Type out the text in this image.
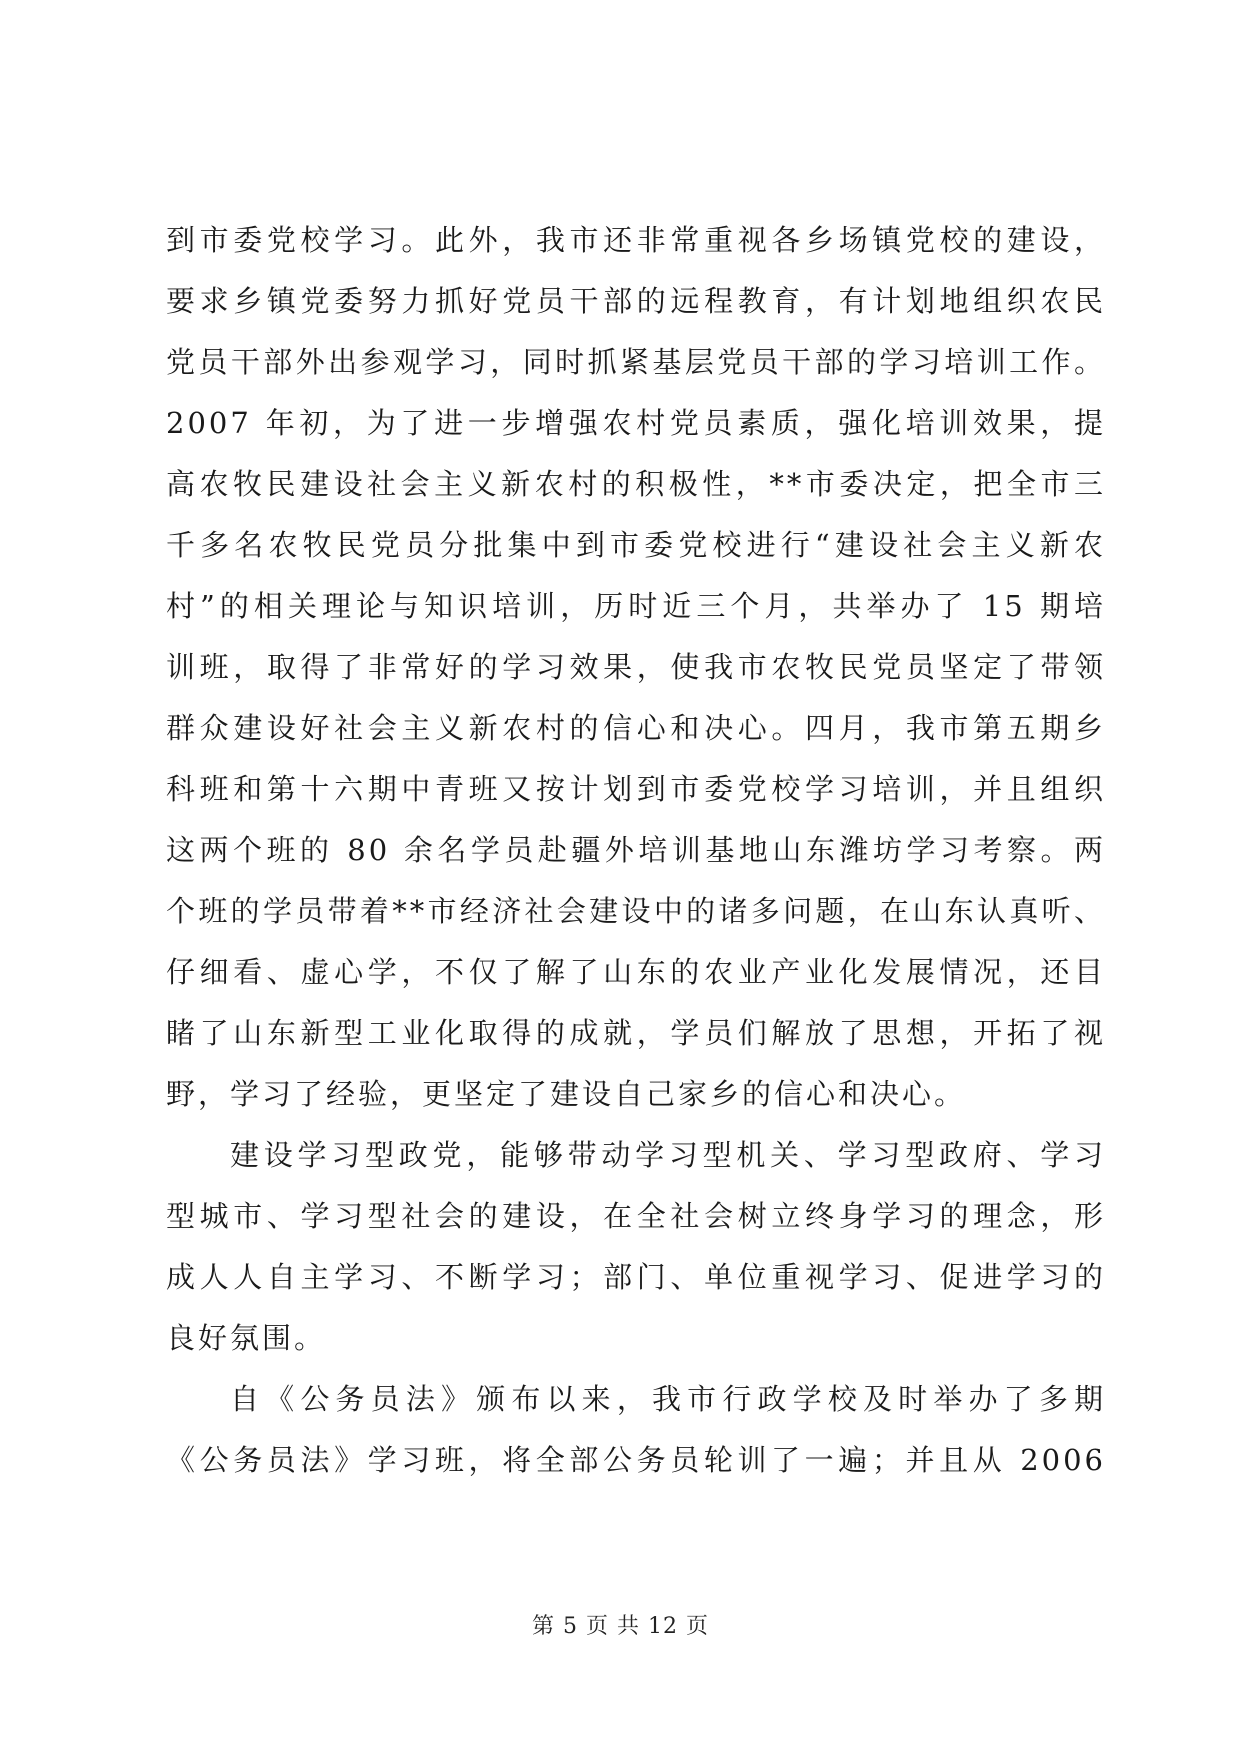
到市委党校学习。此外，我市还非常重视各乡场镇党校的建设，
要求乡镇党委努力抓好党员干部的远程教育，有计划地组织农民
党员干部外出参观学习，同时抓紧基层党员干部的学习培训工作。
2007 年初，为了进一步增强农村党员素质，强化培训效果，提
高农牧民建设社会主义新农村的积极性，**市委决定，把全市三
千多名农牧民党员分批集中到市委党校进行“建设社会主义新农
村”的相关理论与知识培训，历时近三个月，共举办了 15 期培
训班，取得了非常好的学习效果，使我市农牧民党员坚定了带领
群众建设好社会主义新农村的信心和决心。四月，我市第五期乡
科班和第十六期中青班又按计划到市委党校学习培训，并且组织
这两个班的 80 余名学员赴疆外培训基地山东潍坊学习考察。两
个班的学员带着**市经济社会建设中的诸多问题，在山东认真听、
仔细看、虚心学，不仅了解了山东的农业产业化发展情况，还目
睹了山东新型工业化取得的成就，学员们解放了思想，开拓了视
野，学习了经验，更坚定了建设自己家乡的信心和决心。
建设学习型政党，能够带动学习型机关、学习型政府、学习
型城市、学习型社会的建设，在全社会树立终身学习的理念，形
成人人自主学习、不断学习；部门、单位重视学习、促进学习的
良好氛围。
自《公务员法》颁布以来，我市行政学校及时举办了多期
《公务员法》学习班，将全部公务员轮训了一遍；并且从 2006
第 5 页 共 12 页
